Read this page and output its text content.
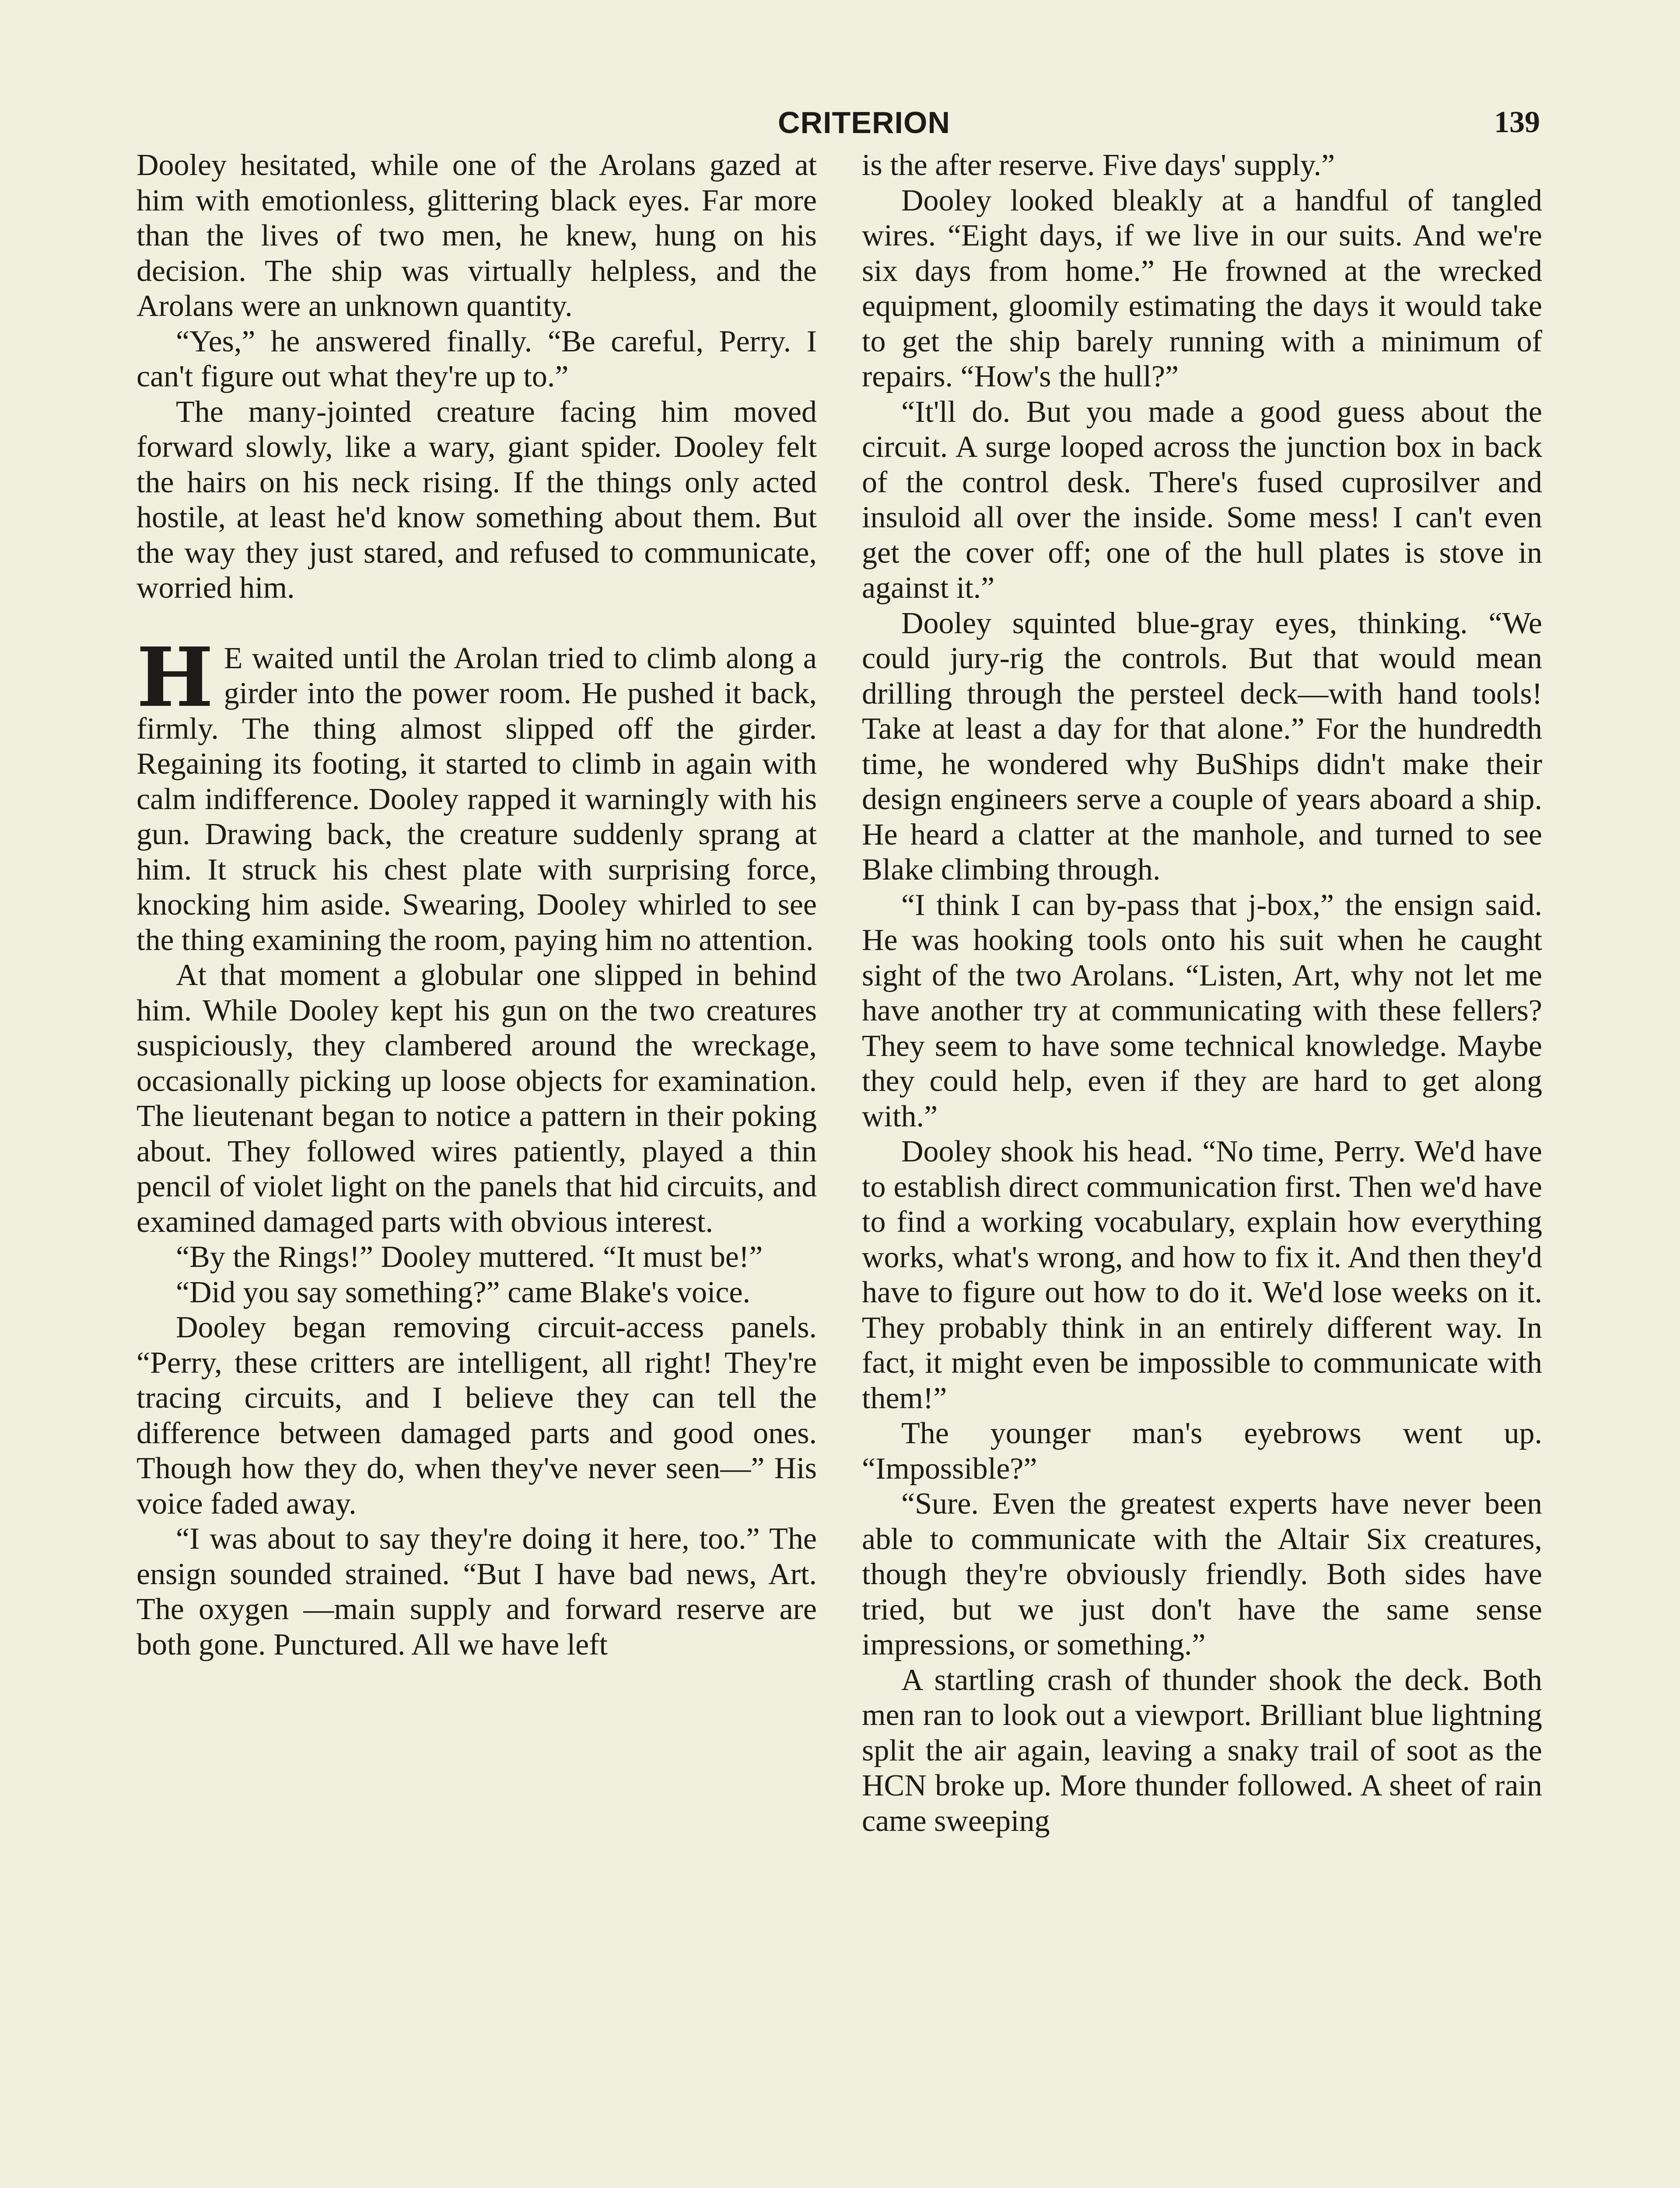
CRITERION	139

Dooley hesitated, while one of the Arolans gazed at him with emotionless, glittering black eyes. Far more than the lives of two men, he knew, hung on his decision. The ship was virtually helpless, and the Arolans were an unknown quantity.

“Yes,” he answered finally. “Be careful, Perry. I can't figure out what they're up to.”

The many-jointed creature facing him moved forward slowly, like a wary, giant spider. Dooley felt the hairs on his neck rising. If the things only acted hostile, at least he'd know something about them. But the way they just stared, and refused to communicate, worried him.

H E waited until the Arolan tried to climb along a girder into the power room. He pushed it back, firmly. The thing almost slipped off the girder. Regaining its footing, it started to climb in again with calm indifference. Dooley rapped it warningly with his gun. Drawing back, the creature suddenly sprang at him. It struck his chest plate with surprising force, knocking him aside. Swearing, Dooley whirled to see the thing examining the room, paying him no attention.

At that moment a globular one slipped in behind him. While Dooley kept his gun on the two creatures suspiciously, they clambered around the wreckage, occasionally picking up loose objects for examination. The lieutenant began to notice a pattern in their poking about. They followed wires patiently, played a thin pencil of violet light on the panels that hid circuits, and examined damaged parts with obvious interest.

“By the Rings!” Dooley muttered. “It must be!”

“Did you say something?” came Blake's voice.

Dooley began removing circuit-access panels. “Perry, these critters are intelligent, all right! They're tracing circuits, and I believe they can tell the difference between damaged parts and good ones. Though how they do, when they've never seen—” His voice faded away.

“I was about to say they're doing it here, too.” The ensign sounded strained. “But I have bad news, Art. The oxygen —main supply and forward reserve are both gone. Punctured. All we have left

is the after reserve. Five days' supply.”

Dooley looked bleakly at a handful of tangled wires. “Eight days, if we live in our suits. And we're six days from home.” He frowned at the wrecked equipment, gloomily estimating the days it would take to get the ship barely running with a minimum of repairs. “How's the hull?”

“It'll do. But you made a good guess about the circuit. A surge looped across the junction box in back of the control desk. There's fused cuprosilver and insuloid all over the inside. Some mess! I can't even get the cover off; one of the hull plates is stove in against it.”

Dooley squinted blue-gray eyes, thinking. “We could jury-rig the controls. But that would mean drilling through the persteel deck—with hand tools! Take at least a day for that alone.” For the hundredth time, he wondered why BuShips didn't make their design engineers serve a couple of years aboard a ship. He heard a clatter at the manhole, and turned to see Blake climbing through.

“I think I can by-pass that j-box,” the ensign said. He was hooking tools onto his suit when he caught sight of the two Arolans. “Listen, Art, why not let me have another try at communicating with these fellers? They seem to have some technical knowledge. Maybe they could help, even if they are hard to get along with.”

Dooley shook his head. “No time, Perry. We'd have to establish direct communication first. Then we'd have to find a working vocabulary, explain how everything works, what's wrong, and how to fix it. And then they'd have to figure out how to do it. We'd lose weeks on it. They probably think in an entirely different way. In fact, it might even be impossible to communicate with them!”

The younger man's eyebrows went up. “Impossible?”

“Sure. Even the greatest experts have never been able to communicate with the Altair Six creatures, though they're obviously friendly. Both sides have tried, but we just don't have the same sense impressions, or something.”

A startling crash of thunder shook the deck. Both men ran to look out a viewport. Brilliant blue lightning split the air again, leaving a snaky trail of soot as the HCN broke up. More thunder followed. A sheet of rain came sweeping
